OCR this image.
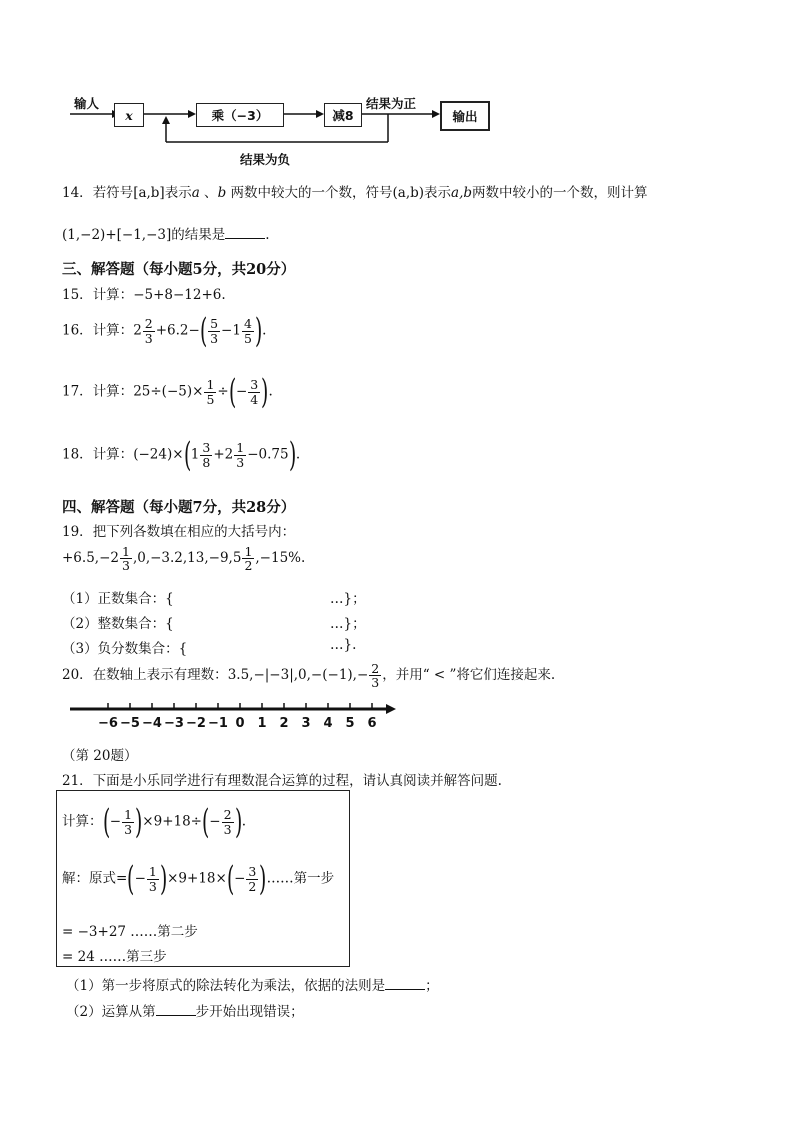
输人
x	乘（−3）	减8
结果为正
输出
结果为负
14．若符号[a,b]表示a 、b 两数中较大的一个数，符号(a,b)表示a,b两数中较小的一个数，则计算
(1,−2)+[−1,−3]的结果是	.
三、解答题（每小题5分，共20分）
15．计算：−5+8−12+6.
16．计算：$2 \frac{2}{3} +6.2-( \frac{5}{3} -1 \frac{4}{5}$ ).
17．计算：$25\div(-5)\times \frac{1}{5}$ ÷(− $\frac{3}{4}$ ).
18．计算：$(-24)\times(1 \frac{3}{8} +2 \frac{1}{3} -0.75)$.
四、解答题（每小题7分，共28分）
19．把下列各数填在相应的大括号内：
$+6.5,-2 \frac{1}{3} ,0,-3.2,13,-9,5 \frac{1}{2} ,-15\%$.
（1）正数集合：{	…}；
（2）整数集合：{	…}；
（3）负分数集合：{	…}.
20．在数轴上表示有理数：$3.5,-|-3|,0,-(-1),- \frac{2}{3}$ ，并用“ < ”将它们连接起来.
−6 −5 −4 −3 −2 −1 0 1 2 3 4 5 6
（第 20题）
21．下面是小乐同学进行有理数混合运算的过程，请认真阅读并解答问题.
计算：(− $\frac{1}{3} )\times 9+18\div(- \frac{2}{3}$ ).
解：原式=(− $\frac{1}{3} )\times 9+18\times(- \frac{3}{2}$ )……第一步
= −3+27 ……第二步
= 24 ……第三步
（1）第一步将原式的除法转化为乘法，依据的法则是	；
（2）运算从第	步开始出现错误；
